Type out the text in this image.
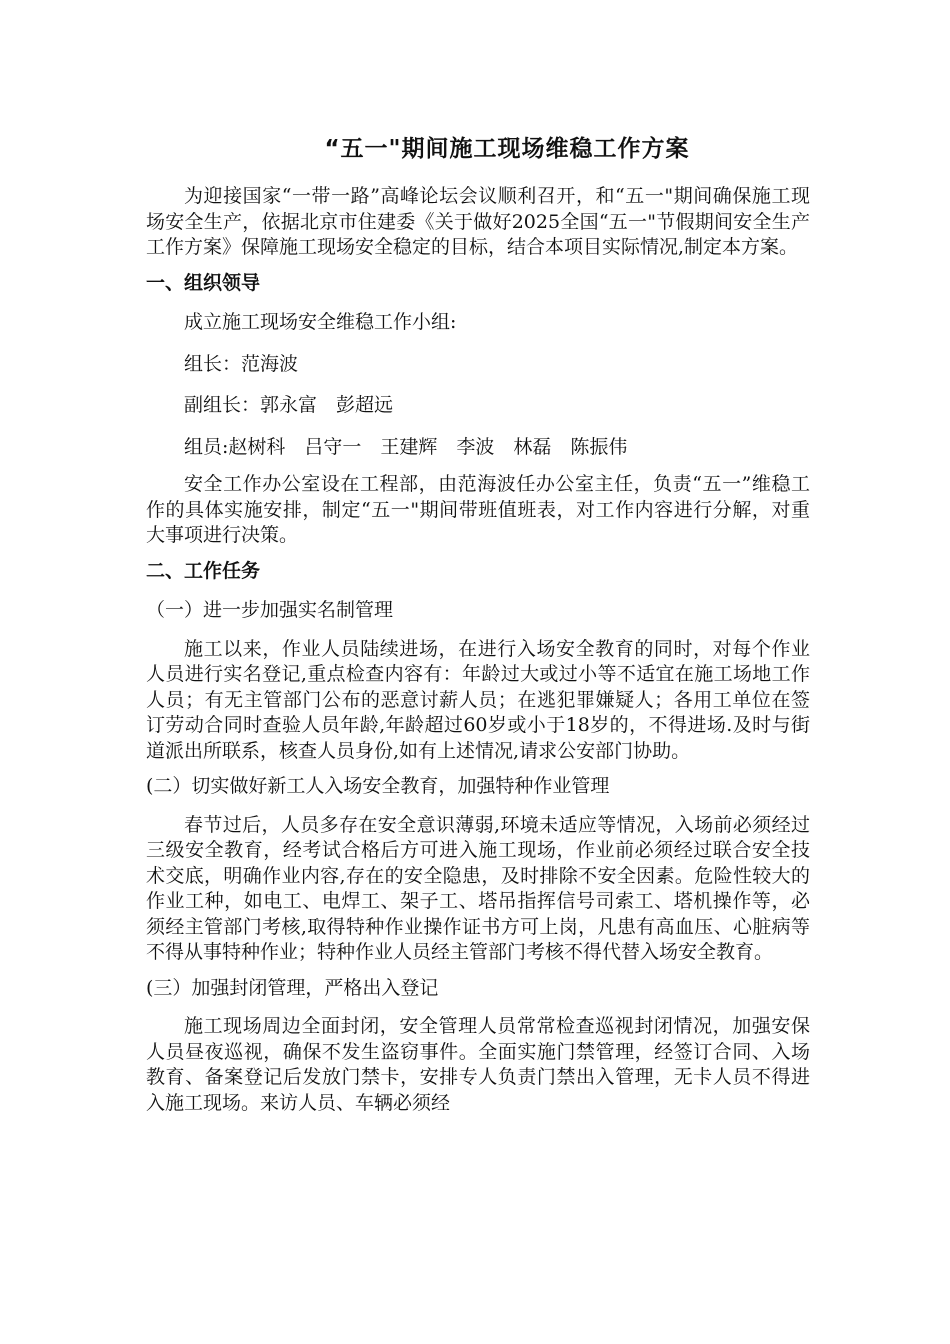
“五一"期间施工现场维稳工作方案

为迎接国家“一带一路”高峰论坛会议顺利召开，和“五一"期间确保施工现场安全生产，依据北京市住建委《关于做好2025全国“五一"节假期间安全生产工作方案》保障施工现场安全稳定的目标，结合本项目实际情况,制定本方案。

一、组织领导

成立施工现场安全维稳工作小组:

组长：范海波

副组长：郭永富　彭超远

组员:赵树科　吕守一　王建辉　李波　林磊　陈振伟

安全工作办公室设在工程部，由范海波任办公室主任，负责“五一”维稳工作的具体实施安排，制定“五一"期间带班值班表，对工作内容进行分解，对重大事项进行决策。

二、工作任务

（一）进一步加强实名制管理

施工以来，作业人员陆续进场，在进行入场安全教育的同时，对每个作业人员进行实名登记,重点检查内容有：年龄过大或过小等不适宜在施工场地工作人员；有无主管部门公布的恶意讨薪人员；在逃犯罪嫌疑人；各用工单位在签订劳动合同时查验人员年龄,年龄超过60岁或小于18岁的，不得进场.及时与街道派出所联系，核查人员身份,如有上述情况,请求公安部门协助。

(二）切实做好新工人入场安全教育，加强特种作业管理

春节过后，人员多存在安全意识薄弱,环境未适应等情况，入场前必须经过三级安全教育，经考试合格后方可进入施工现场，作业前必须经过联合安全技术交底，明确作业内容,存在的安全隐患，及时排除不安全因素。危险性较大的作业工种，如电工、电焊工、架子工、塔吊指挥信号司索工、塔机操作等，必须经主管部门考核,取得特种作业操作证书方可上岗，凡患有高血压、心脏病等不得从事特种作业；特种作业人员经主管部门考核不得代替入场安全教育。

(三）加强封闭管理，严格出入登记

施工现场周边全面封闭，安全管理人员常常检查巡视封闭情况，加强安保人员昼夜巡视，确保不发生盗窃事件。全面实施门禁管理，经签订合同、入场教育、备案登记后发放门禁卡，安排专人负责门禁出入管理，无卡人员不得进入施工现场。来访人员、车辆必须经
